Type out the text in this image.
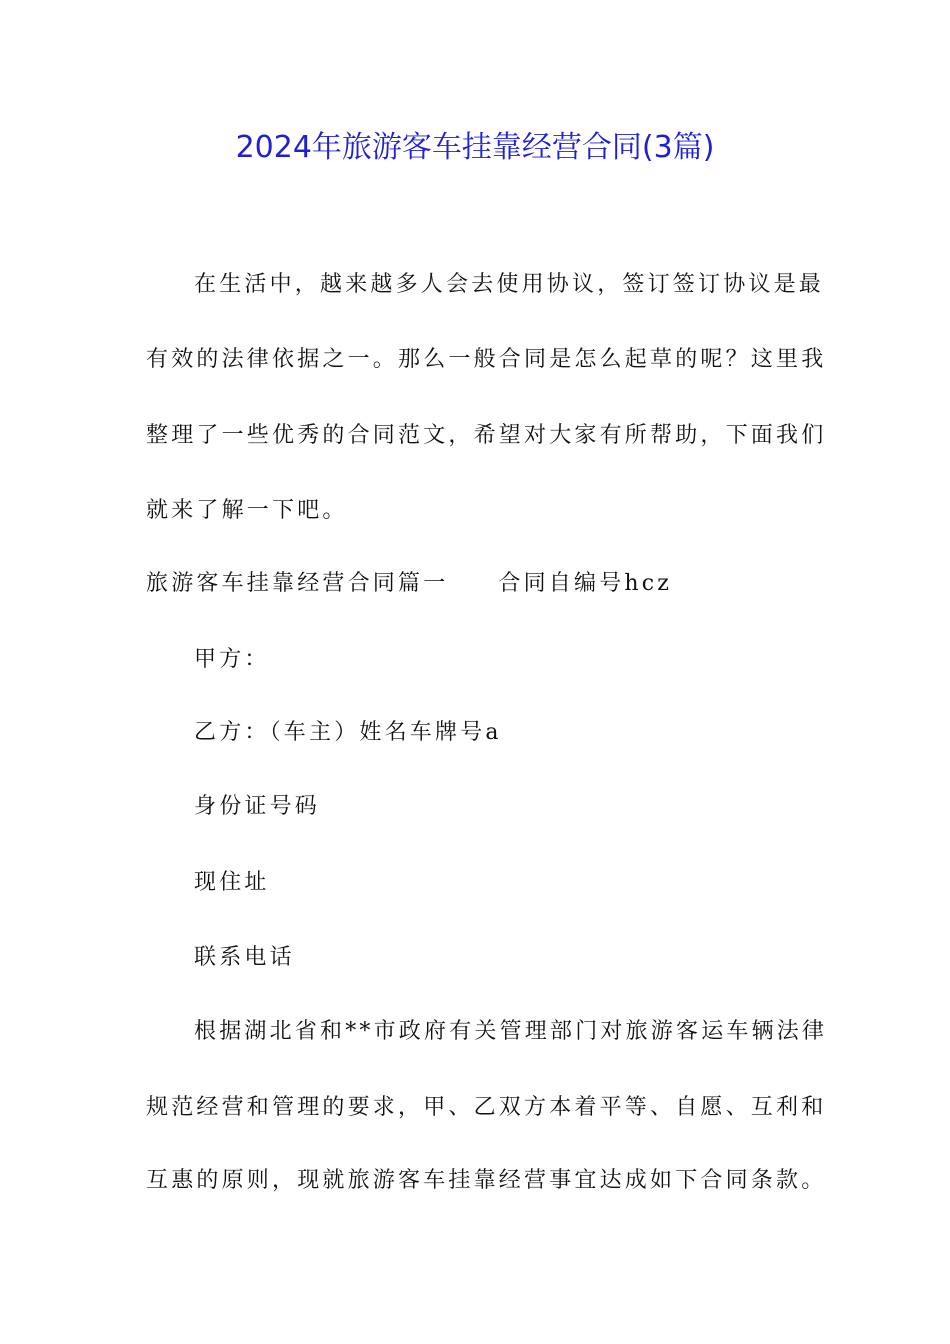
2024年旅游客车挂靠经营合同(3篇)
在生活中，越来越多人会去使用协议，签订签订协议是最
有效的法律依据之一。那么一般合同是怎么起草的呢？这里我
整理了一些优秀的合同范文，希望对大家有所帮助，下面我们
就来了解一下吧。
旅游客车挂靠经营合同篇一 合同自编号hcz
甲方：
乙方：（车主）姓名车牌号a
身份证号码
现住址
联系电话
根据湖北省和**市政府有关管理部门对旅游客运车辆法律
规范经营和管理的要求，甲、乙双方本着平等、自愿、互利和
互惠的原则，现就旅游客车挂靠经营事宜达成如下合同条款。
